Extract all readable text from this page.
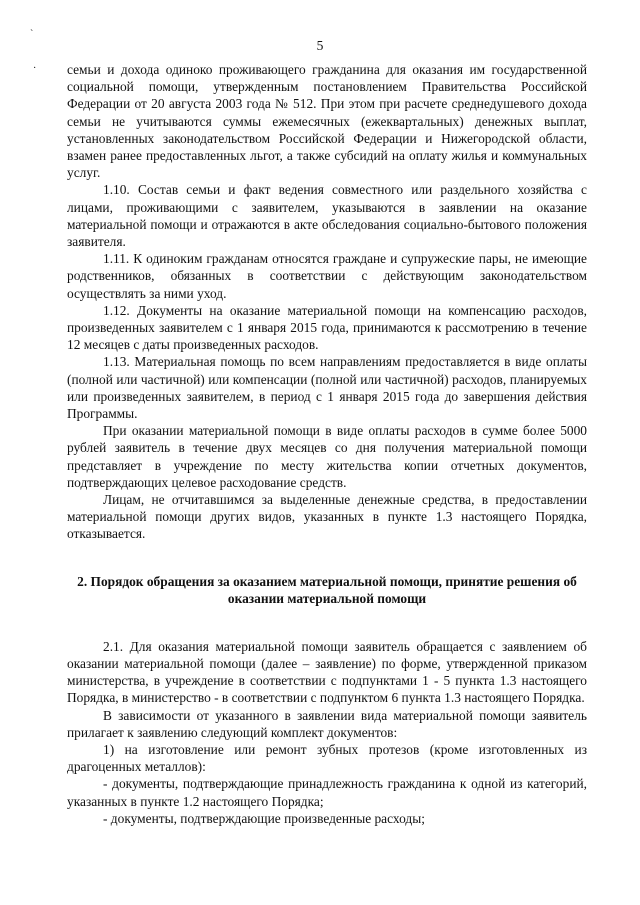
5
`
· семьи и дохода одиноко проживающего гражданина для оказания им государственной социальной помощи, утвержденным постановлением Правительства Российской Федерации от 20 августа 2003 года № 512. При этом при расчете среднедушевого дохода семьи не учитываются суммы ежемесячных (ежеквартальных) денежных выплат, установленных законодательством Российской Федерации и Нижегородской области, взамен ранее предоставленных льгот, а также субсидий на оплату жилья и коммунальных услуг.

1.10. Состав семьи и факт ведения совместного или раздельного хозяйства с лицами, проживающими с заявителем, указываются в заявлении на оказание материальной помощи и отражаются в акте обследования социально-бытового положения заявителя.

1.11. К одиноким гражданам относятся граждане и супружеские пары, не имеющие родственников, обязанных в соответствии с действующим законодательством осуществлять за ними уход.

1.12. Документы на оказание материальной помощи на компенсацию расходов, произведенных заявителем с 1 января 2015 года, принимаются к рассмотрению в течение 12 месяцев с даты произведенных расходов.

1.13. Материальная помощь по всем направлениям предоставляется в виде оплаты (полной или частичной) или компенсации (полной или частичной) расходов, планируемых или произведенных заявителем, в период с 1 января 2015 года до завершения действия Программы.

При оказании материальной помощи в виде оплаты расходов в сумме более 5000 рублей заявитель в течение двух месяцев со дня получения материальной помощи представляет в учреждение по месту жительства копии отчетных документов, подтверждающих целевое расходование средств.

Лицам, не отчитавшимся за выделенные денежные средства, в предоставлении материальной помощи других видов, указанных в пункте 1.3 настоящего Порядка, отказывается.

2. Порядок обращения за оказанием материальной помощи, принятие решения об оказании материальной помощи

2.1. Для оказания материальной помощи заявитель обращается с заявлением об оказании материальной помощи (далее – заявление) по форме, утвержденной приказом министерства, в учреждение в соответствии с подпунктами 1 - 5 пункта 1.3 настоящего Порядка, в министерство - в соответствии с подпунктом 6 пункта 1.3 настоящего Порядка.

В зависимости от указанного в заявлении вида материальной помощи заявитель прилагает к заявлению следующий комплект документов:

1) на изготовление или ремонт зубных протезов (кроме изготовленных из драгоценных металлов):

- документы, подтверждающие принадлежность гражданина к одной из категорий, указанных в пункте 1.2 настоящего Порядка;

- документы, подтверждающие произведенные расходы;
